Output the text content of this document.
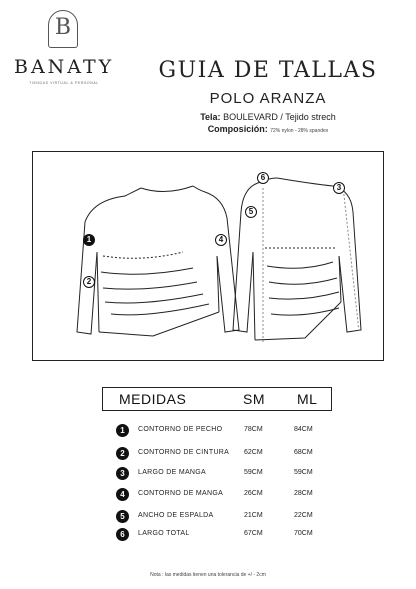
B
BANATY
TIENDAS VIRTUAL & PERSONAL	GUIA DE TALLAS
POLO ARANZA
Tela: BOULEVARD / Tejido strech
Composición: 72% nylon - 28% spandex
1
2
6
5
4
3
MEDIDAS	SM ML
1	CONTORNO DE PECHO	78CM	84CM
2	CONTORNO DE CINTURA 62CM	68CM
3	LARGO DE MANGA	59CM	59CM
4	CONTORNO DE MANGA	26CM	28CM
5	ANCHO DE ESPALDA	21CM	22CM
6	LARGO TOTAL	67CM	70CM
Nota : las medidas tienen una tolerancia de +/ - 2cm
